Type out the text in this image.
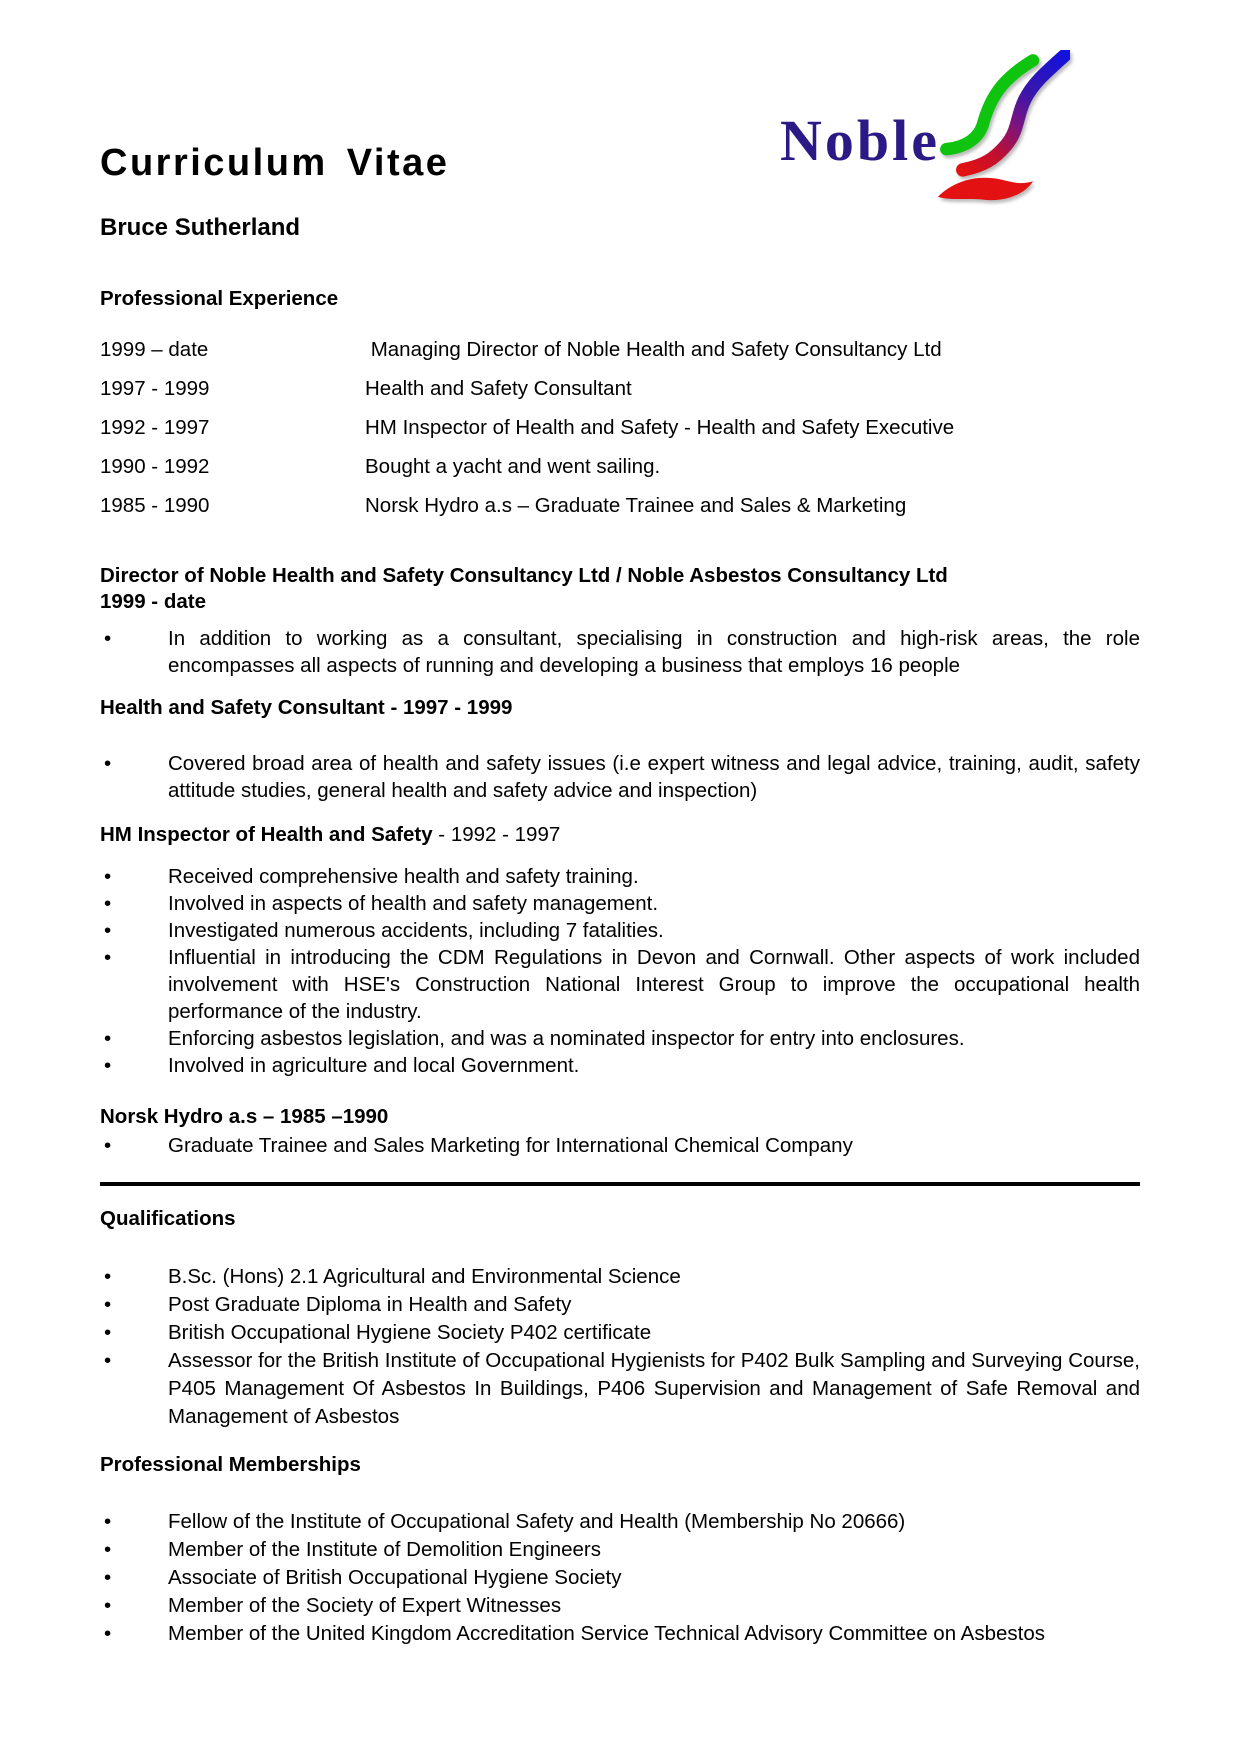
Noble
Curriculum Vitae
Bruce Sutherland
Professional Experience
1999 – date	Managing Director of Noble Health and Safety Consultancy Ltd
1997 - 1999	Health and Safety Consultant
1992 - 1997	HM Inspector of Health and Safety - Health and Safety Executive
1990 - 1992	Bought a yacht and went sailing.
1985 - 1990	Norsk Hydro a.s – Graduate Trainee and Sales & Marketing
Director of Noble Health and Safety Consultancy Ltd / Noble Asbestos Consultancy Ltd
1999 - date
• In addition to working as a consultant, specialising in construction and high-risk areas, the role encompasses all aspects of running and developing a business that employs 16 people
Health and Safety Consultant - 1997 - 1999
• Covered broad area of health and safety issues (i.e expert witness and legal advice, training, audit, safety attitude studies, general health and safety advice and inspection)
HM Inspector of Health and Safety - 1992 - 1997
• Received comprehensive health and safety training.
• Involved in aspects of health and safety management.
• Investigated numerous accidents, including 7 fatalities.
• Influential in introducing the CDM Regulations in Devon and Cornwall. Other aspects of work included involvement with HSE's Construction National Interest Group to improve the occupational health performance of the industry.
• Enforcing asbestos legislation, and was a nominated inspector for entry into enclosures.
• Involved in agriculture and local Government.
Norsk Hydro a.s – 1985 –1990
• Graduate Trainee and Sales Marketing for International Chemical Company
Qualifications
• B.Sc. (Hons) 2.1 Agricultural and Environmental Science
• Post Graduate Diploma in Health and Safety
• British Occupational Hygiene Society P402 certificate
• Assessor for the British Institute of Occupational Hygienists for P402 Bulk Sampling and Surveying Course, P405 Management Of Asbestos In Buildings, P406 Supervision and Management of Safe Removal and Management of Asbestos
Professional Memberships
• Fellow of the Institute of Occupational Safety and Health (Membership No 20666)
• Member of the Institute of Demolition Engineers
• Associate of British Occupational Hygiene Society
• Member of the Society of Expert Witnesses
• Member of the United Kingdom Accreditation Service Technical Advisory Committee on Asbestos
